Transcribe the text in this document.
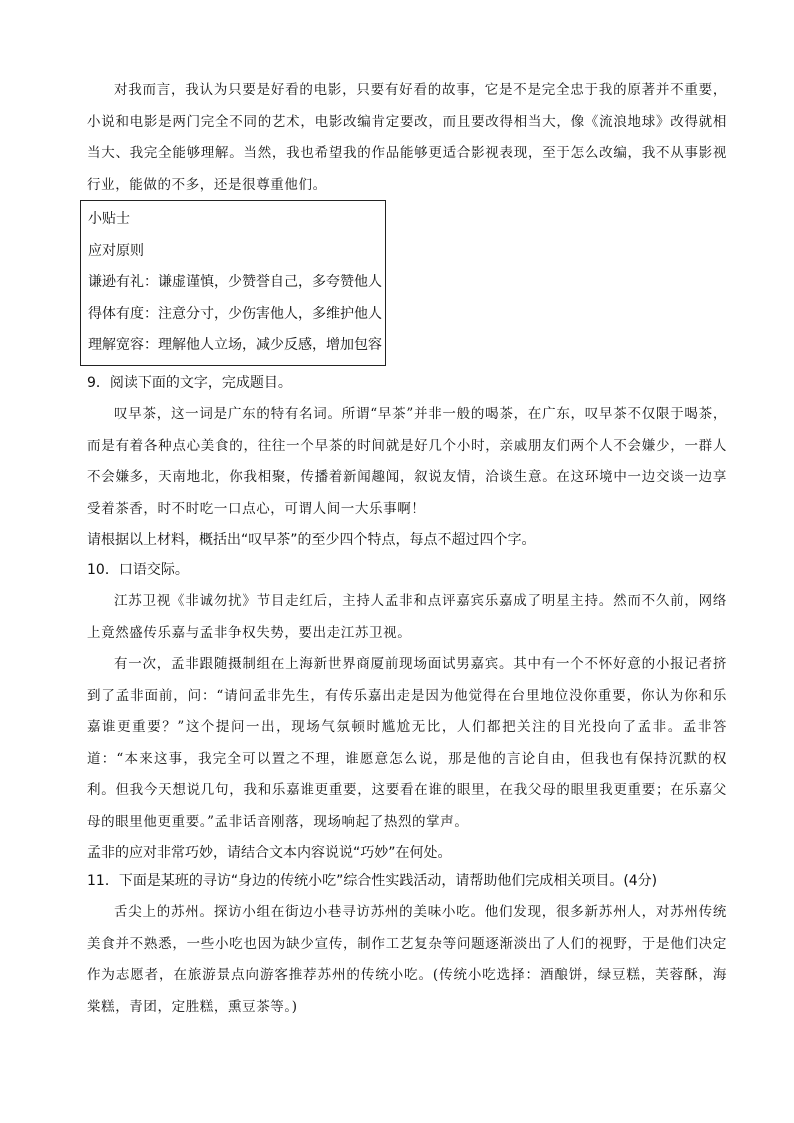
对我而言，我认为只要是好看的电影，只要有好看的故事，它是不是完全忠于我的原著并不重要，小说和电影是两门完全不同的艺术，电影改编肯定要改，而且要改得相当大，像《流浪地球》改得就相当大、我完全能够理解。当然，我也希望我的作品能够更适合影视表现，至于怎么改编，我不从事影视行业，能做的不多，还是很尊重他们。

小贴士

应对原则

谦逊有礼：谦虚谨慎，少赞誉自己，多夸赞他人

得体有度：注意分寸，少伤害他人，多维护他人

理解宽容：理解他人立场，减少反感，增加包容

9．阅读下面的文字，完成题目。

叹早茶，这一词是广东的特有名词。所谓“早茶”并非一般的喝茶，在广东，叹早茶不仅限于喝茶，而是有着各种点心美食的，往往一个早茶的时间就是好几个小时，亲戚朋友们两个人不会嫌少，一群人不会嫌多，天南地北，你我相聚，传播着新闻趣闻，叙说友情，洽谈生意。在这环境中一边交谈一边享受着茶香，时不时吃一口点心，可谓人间一大乐事啊！

请根据以上材料，概括出“叹早茶”的至少四个特点，每点不超过四个字。

10．口语交际。

江苏卫视《非诚勿扰》节目走红后，主持人孟非和点评嘉宾乐嘉成了明星主持。然而不久前，网络上竟然盛传乐嘉与孟非争权失势，要出走江苏卫视。

有一次，孟非跟随摄制组在上海新世界商厦前现场面试男嘉宾。其中有一个不怀好意的小报记者挤到了孟非面前，问：“请问孟非先生，有传乐嘉出走是因为他觉得在台里地位没你重要，你认为你和乐嘉谁更重要？”这个提问一出，现场气氛顿时尴尬无比，人们都把关注的目光投向了孟非。孟非答道：“本来这事，我完全可以置之不理，谁愿意怎么说，那是他的言论自由，但我也有保持沉默的权利。但我今天想说几句，我和乐嘉谁更重要，这要看在谁的眼里，在我父母的眼里我更重要；在乐嘉父母的眼里他更重要。”孟非话音刚落，现场响起了热烈的掌声。

孟非的应对非常巧妙，请结合文本内容说说“巧妙”在何处。

11．下面是某班的寻访“身边的传统小吃”综合性实践活动，请帮助他们完成相关项目。(4分)

舌尖上的苏州。探访小组在街边小巷寻访苏州的美味小吃。他们发现，很多新苏州人，对苏州传统美食并不熟悉，一些小吃也因为缺少宣传，制作工艺复杂等问题逐渐淡出了人们的视野，于是他们决定作为志愿者，在旅游景点向游客推荐苏州的传统小吃。(传统小吃选择：酒酿饼，绿豆糕，芙蓉酥，海棠糕，青团，定胜糕，熏豆茶等。)
